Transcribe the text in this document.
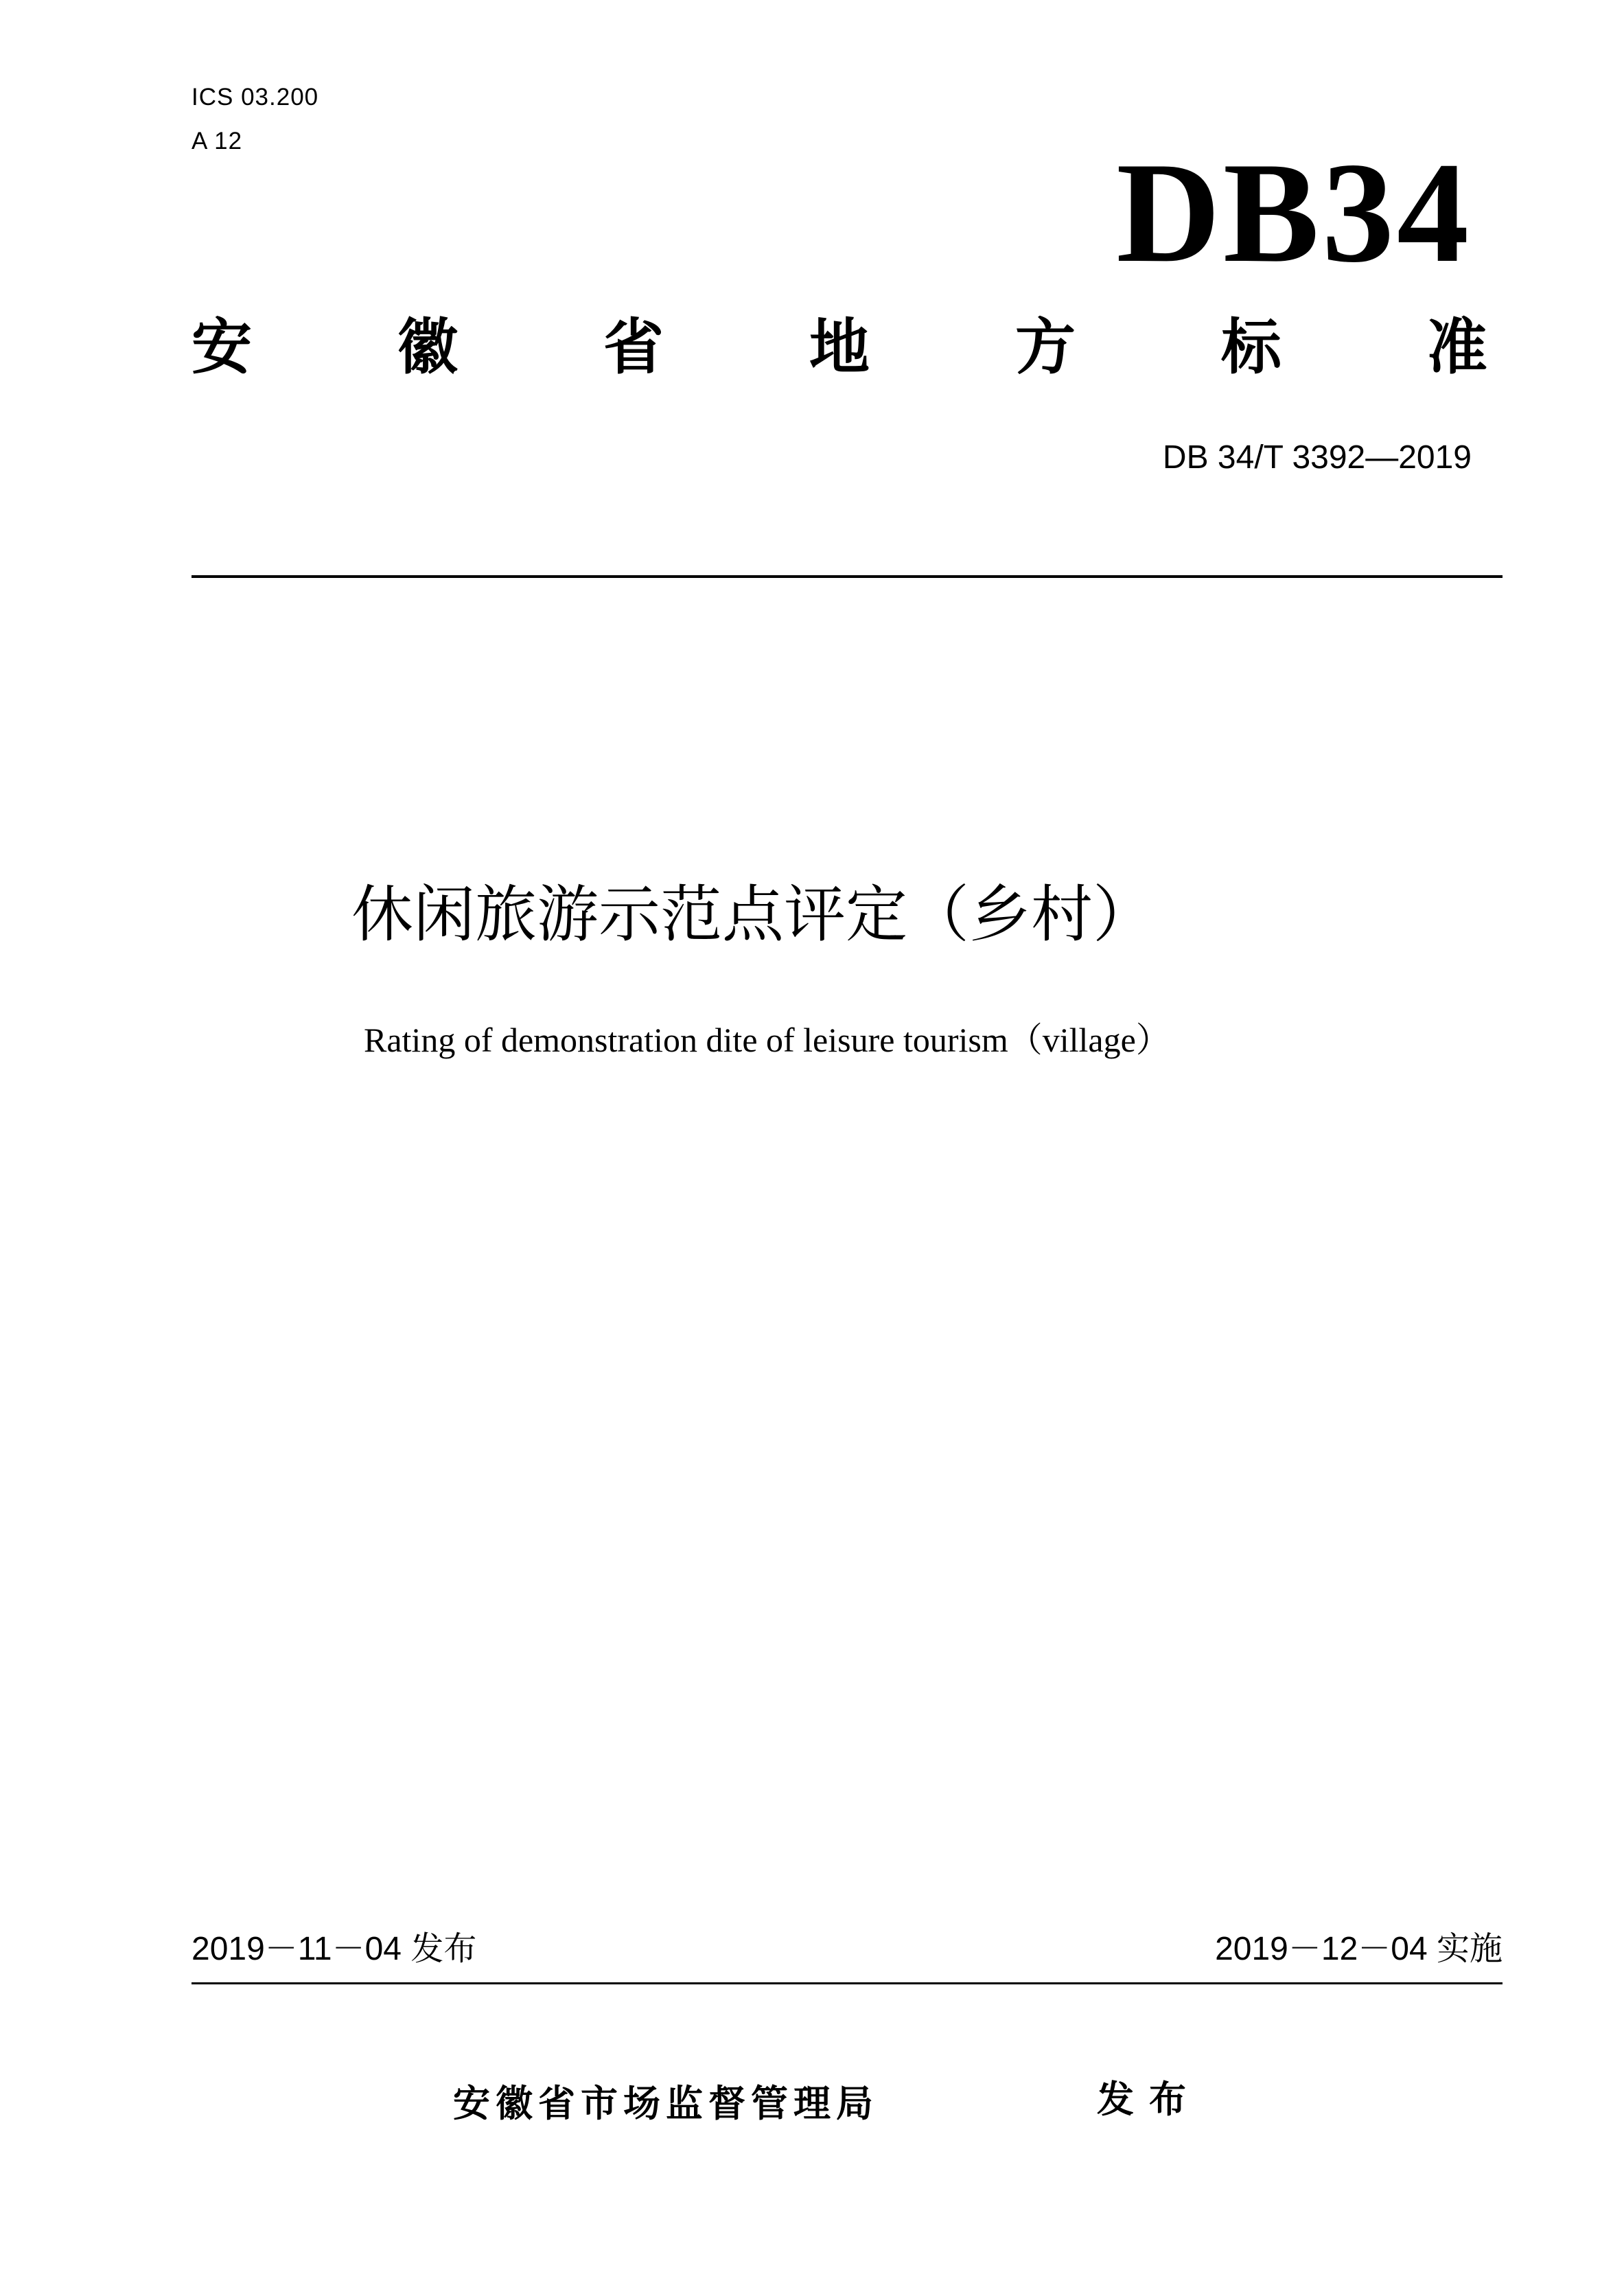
ICS 03.200
A 12	DB34
安 徽 省 地 方 标 准
DB 34/T 3392—2019
休闲旅游示范点评定（乡村）
Rating of demonstration dite of leisure tourism（village）
2019－11－04 发布	2019－12－04 实施
安徽省市场监督管理局	发布
